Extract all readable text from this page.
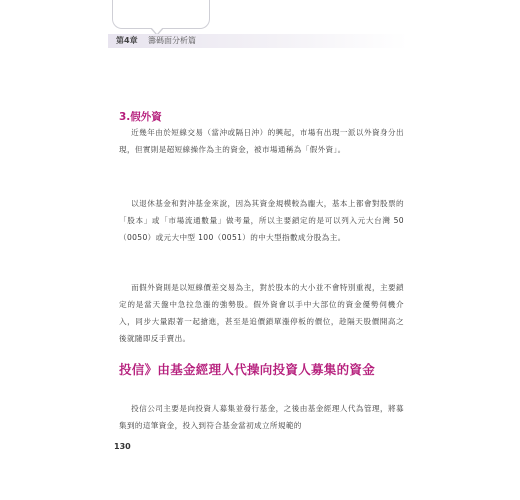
第4章 籌碼面分析篇
3.假外資

近幾年由於短線交易（當沖或隔日沖）的興起，市場有出現一派以外資身分出現，但實則是超短線操作為主的資金，被市場通稱為「假外資」。

以退休基金和對沖基金來說，因為其資金規模較為龐大，基本上都會對股票的「股本」或「市場流通數量」做考量，所以主要鎖定的是可以列入元大台灣 50（0050）或元大中型 100（0051）的中大型指數成分股為主。

而假外資則是以短線價差交易為主，對於股本的大小並不會特別重視，主要鎖定的是當天盤中急拉急漲的強勢股。假外資會以手中大部位的資金優勢伺機介入，同步大量跟著一起搶進，甚至是追價鎖單漲停板的價位，趁隔天股價開高之後就隨即反手賣出。

投信》由基金經理人代操向投資人募集的資金

投信公司主要是向投資人募集並發行基金，之後由基金經理人代為管理，將募集到的這筆資金，投入到符合基金當初成立所規範的

130
